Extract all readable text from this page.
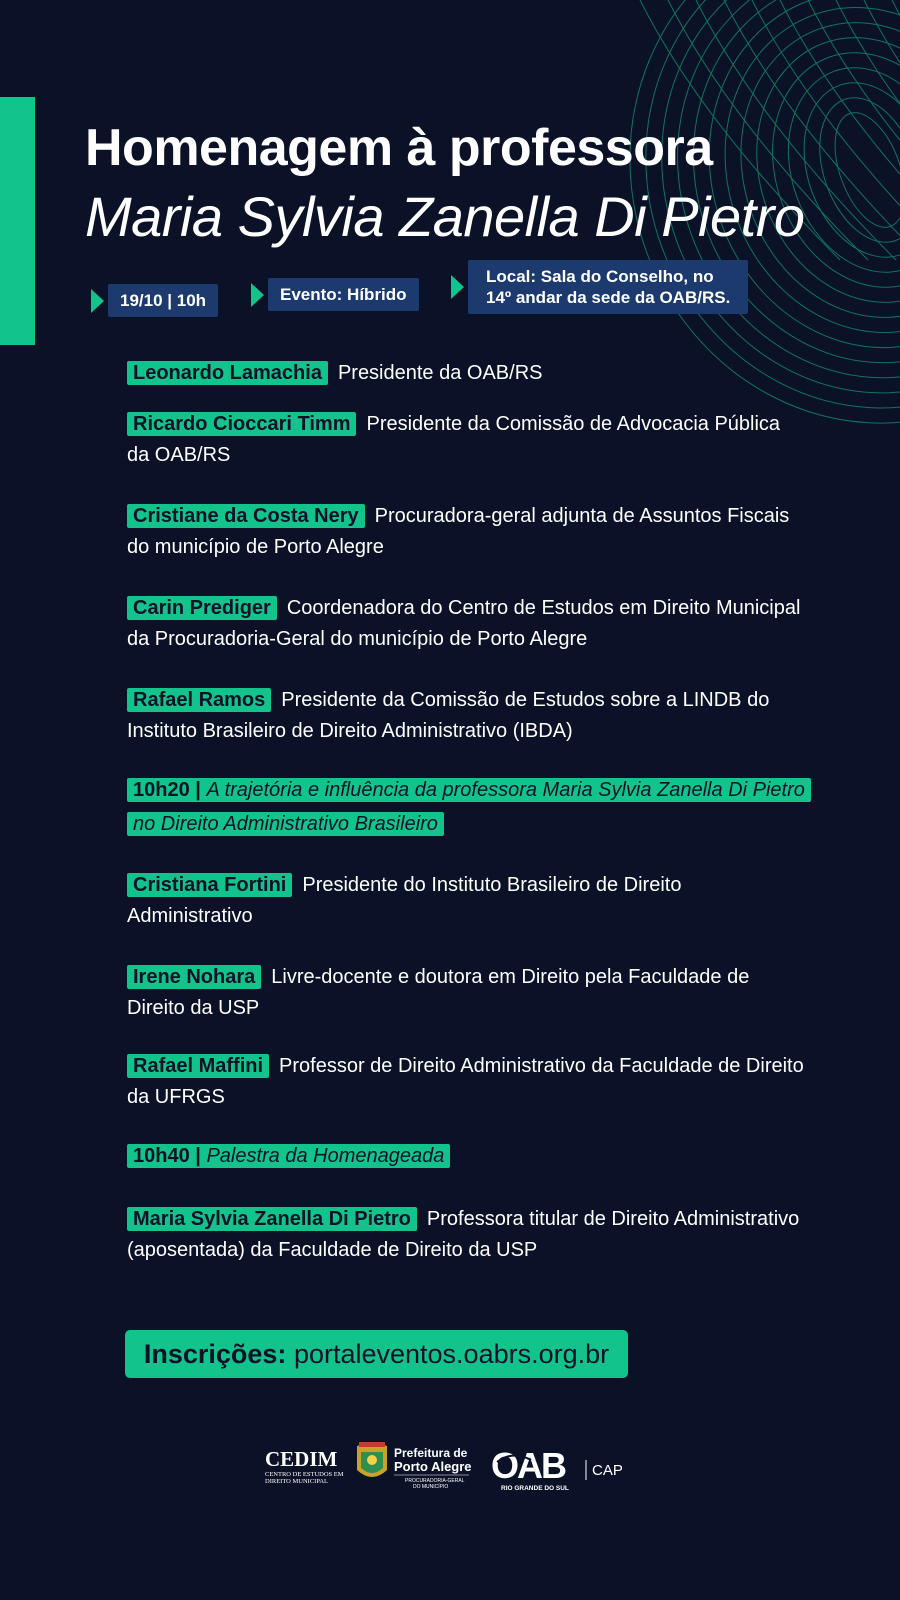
Homenagem à professora
Maria Sylvia Zanella Di Pietro
19/10 | 10h	Evento: Híbrido
Local: Sala do Conselho, no
14º andar da sede da OAB/RS.
Leonardo Lamachia Presidente da OAB/RS
Ricardo Cioccari Timm Presidente da Comissão de Advocacia Pública da OAB/RS
Cristiane da Costa Nery Procuradora-geral adjunta de Assuntos Fiscais do município de Porto Alegre
Carin Prediger Coordenadora do Centro de Estudos em Direito Municipal da Procuradoria-Geral do município de Porto Alegre
Rafael Ramos Presidente da Comissão de Estudos sobre a LINDB do Instituto Brasileiro de Direito Administrativo (IBDA)
10h20 | A trajetória e influência da professora Maria Sylvia Zanella Di Pietro no Direito Administrativo Brasileiro
Cristiana Fortini Presidente do Instituto Brasileiro de Direito Administrativo
Irene Nohara Livre-docente e doutora em Direito pela Faculdade de Direito da USP
Rafael Maffini Professor de Direito Administrativo da Faculdade de Direito da UFRGS
10h40 | Palestra da Homenageada
Maria Sylvia Zanella Di Pietro Professora titular de Direito Administrativo (aposentada) da Faculdade de Direito da USP
Inscrições: portaleventos.oabrs.org.br
CEDIM
CENTRO DE ESTUDOS EM
DIREITO MUNICIPAL
Prefeitura de
Porto Alegre
PROCURADORIA-GERAL
DO MUNICÍPIO
OAB
RIO GRANDE DO SUL
CAP
